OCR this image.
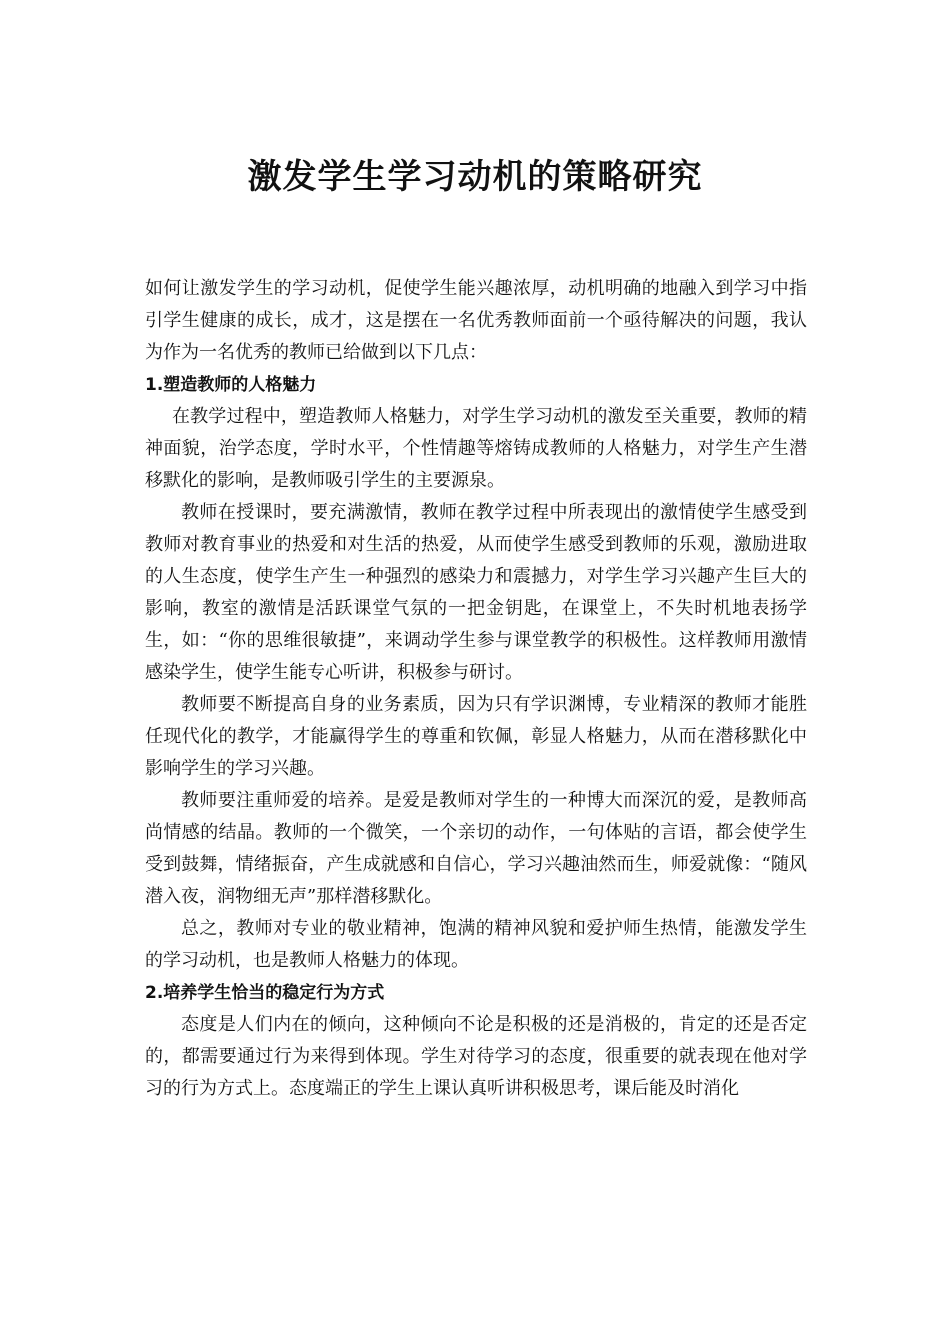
激发学生学习动机的策略研究

如何让激发学生的学习动机，促使学生能兴趣浓厚，动机明确的地融入到学习中指引学生健康的成长，成才，这是摆在一名优秀教师面前一个亟待解决的问题，我认为作为一名优秀的教师已给做到以下几点：

1.塑造教师的人格魅力

在教学过程中，塑造教师人格魅力，对学生学习动机的激发至关重要，教师的精神面貌，治学态度，学时水平，个性情趣等熔铸成教师的人格魅力，对学生产生潜移默化的影响，是教师吸引学生的主要源泉。

教师在授课时，要充满激情，教师在教学过程中所表现出的激情使学生感受到教师对教育事业的热爱和对生活的热爱，从而使学生感受到教师的乐观，激励进取的人生态度，使学生产生一种强烈的感染力和震撼力，对学生学习兴趣产生巨大的影响，教室的激情是活跃课堂气氛的一把金钥匙，在课堂上，不失时机地表扬学生，如：“你的思维很敏捷”，来调动学生参与课堂教学的积极性。这样教师用激情感染学生，使学生能专心听讲，积极参与研讨。

教师要不断提高自身的业务素质，因为只有学识渊博，专业精深的教师才能胜任现代化的教学，才能赢得学生的尊重和钦佩，彰显人格魅力，从而在潜移默化中影响学生的学习兴趣。

教师要注重师爱的培养。是爱是教师对学生的一种博大而深沉的爱，是教师高尚情感的结晶。教师的一个微笑，一个亲切的动作，一句体贴的言语，都会使学生受到鼓舞，情绪振奋，产生成就感和自信心，学习兴趣油然而生，师爱就像：“随风潜入夜，润物细无声”那样潜移默化。

总之，教师对专业的敬业精神，饱满的精神风貌和爱护师生热情，能激发学生的学习动机，也是教师人格魅力的体现。

2.培养学生恰当的稳定行为方式

态度是人们内在的倾向，这种倾向不论是积极的还是消极的，肯定的还是否定的，都需要通过行为来得到体现。学生对待学习的态度，很重要的就表现在他对学习的行为方式上。态度端正的学生上课认真听讲积极思考，课后能及时消化
